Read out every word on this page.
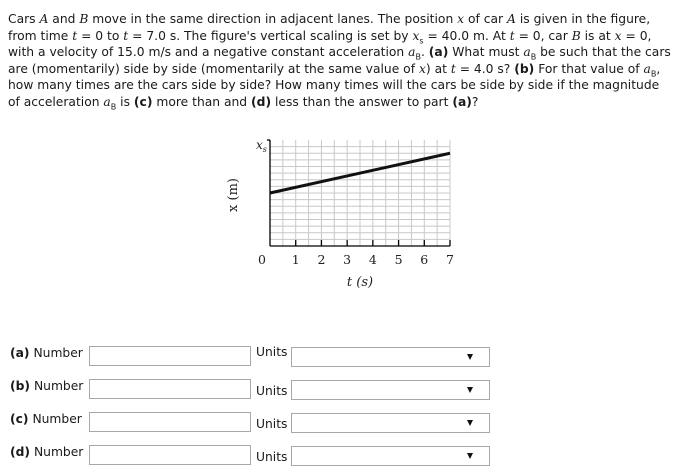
Cars A and B move in the same direction in adjacent lanes. The position x of car A is given in the figure, from time t = 0 to t = 7.0 s. The figure's vertical scaling is set by $x_s = 40.0$ m. At t = 0, car B is at x = 0, with a velocity of 15.0 m/s and a negative constant acceleration $a_B$. (a) What must $a_B$ be such that the cars are (momentarily) side by side (momentarily at the same value of x) at t = 4.0 s? (b) For that value of $a_B$, how many times are the cars side by side? How many times will the cars be side by side if the magnitude of acceleration $a_B$ is (c) more than and (d) less than the answer to part (a)?

$x_s$
x (m)
0 1 2 3 4 5 6 7
t (s)
(a) Number	Units
(b) Number	Units
(c) Number	Units
(d) Number	Units
